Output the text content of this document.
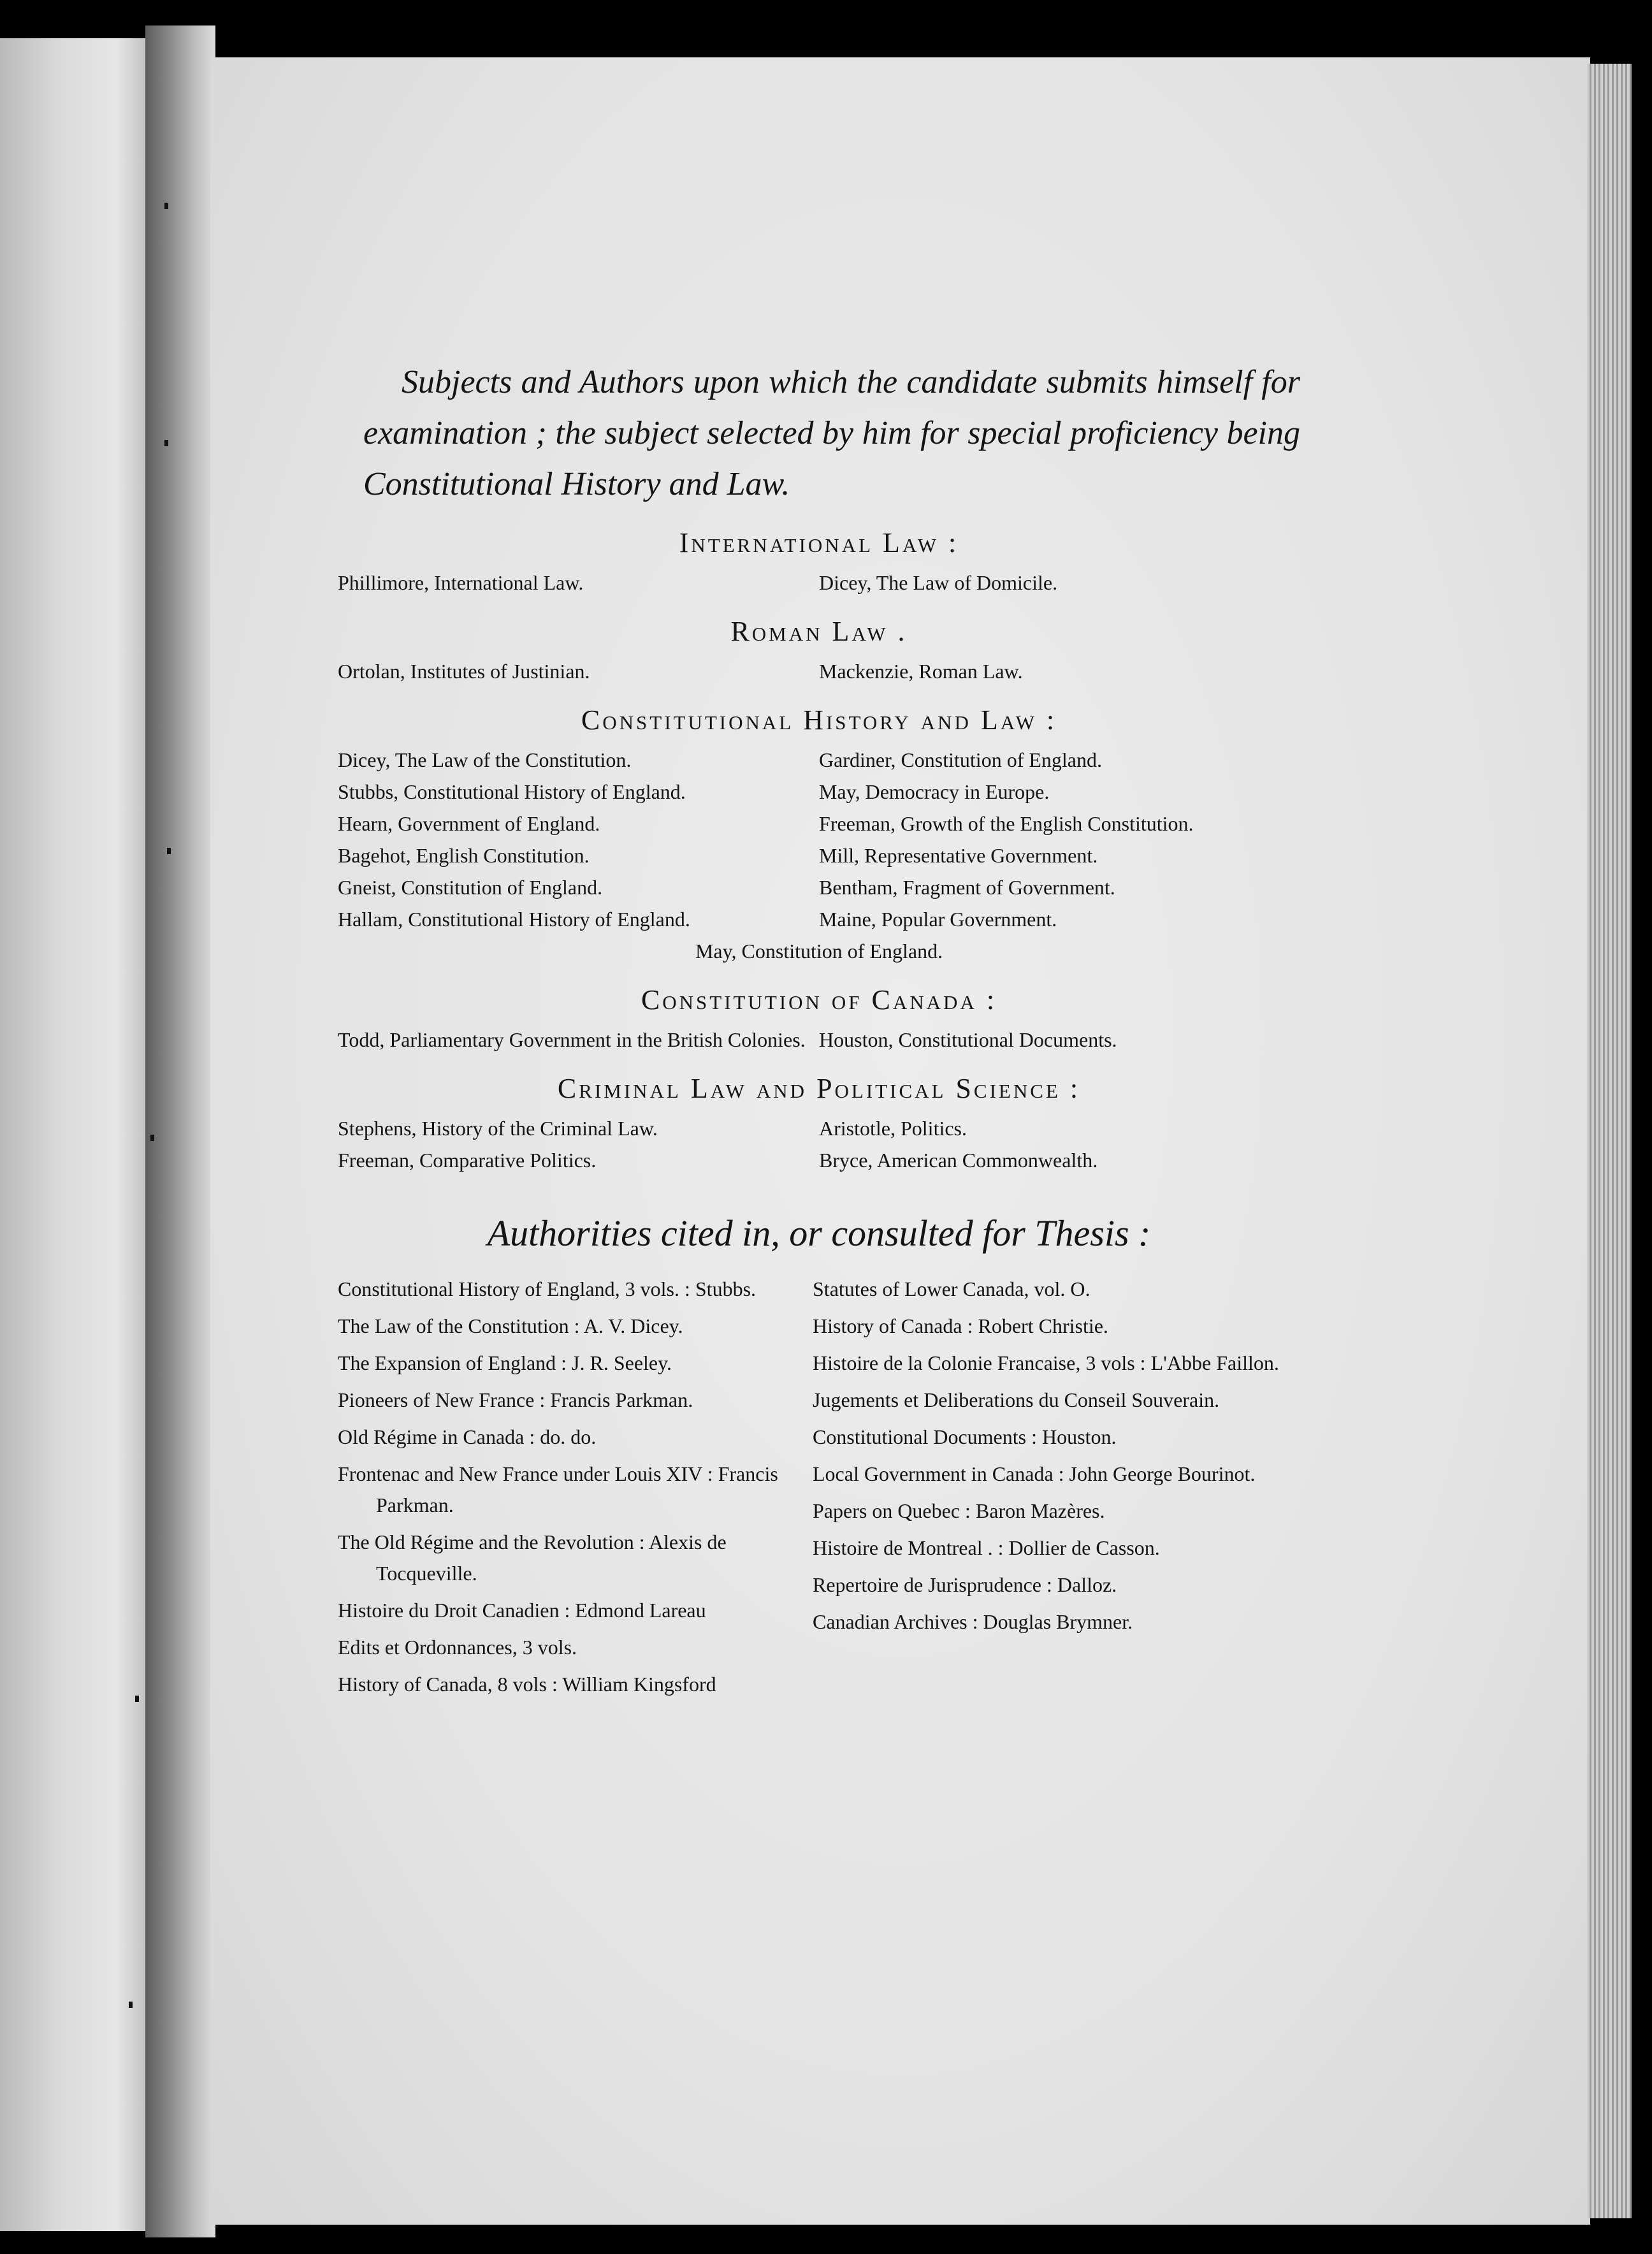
Subjects and Authors upon which the candidate submits himself for examination ; the subject selected by him for special proficiency being Constitutional History and Law.

International Law :
Phillimore, International Law.	Dicey, The Law of Domicile.
Roman Law .
Ortolan, Institutes of Justinian.	Mackenzie, Roman Law.
Constitutional History and Law :
Dicey, The Law of the Constitution.
Stubbs, Constitutional History of England.
Hearn, Government of England.
Bagehot, English Constitution.
Gneist, Constitution of England.
Hallam, Constitutional History of England.
Gardiner, Constitution of England.
May, Democracy in Europe.
Freeman, Growth of the English Constitution.
Mill, Representative Government.
Bentham, Fragment of Government.
Maine, Popular Government.
May, Constitution of England.
Constitution of Canada :
Todd, Parliamentary Government in the British Colonies. Houston, Constitutional Documents.
Criminal Law and Political Science :
Stephens, History of the Criminal Law.
Freeman, Comparative Politics.
Aristotle, Politics.
Bryce, American Commonwealth.
Authorities cited in, or consulted for Thesis :
Constitutional History of England, 3 vols. : Stubbs.
The Law of the Constitution : A. V. Dicey.
The Expansion of England : J. R. Seeley.
Pioneers of New France : Francis Parkman.
Old Régime in Canada : do. do.
Frontenac and New France under Louis XIV : Francis Parkman.
The Old Régime and the Revolution : Alexis de Tocqueville.
Histoire du Droit Canadien : Edmond Lareau
Edits et Ordonnances, 3 vols.
History of Canada, 8 vols : William Kingsford
Statutes of Lower Canada, vol. O.
History of Canada : Robert Christie.
Histoire de la Colonie Francaise, 3 vols : L'Abbe Faillon.
Jugements et Deliberations du Conseil Souverain.
Constitutional Documents : Houston.
Local Government in Canada : John George Bourinot.
Papers on Quebec : Baron Mazères.
Histoire de Montreal . : Dollier de Casson.
Repertoire de Jurisprudence : Dalloz.
Canadian Archives : Douglas Brymner.
